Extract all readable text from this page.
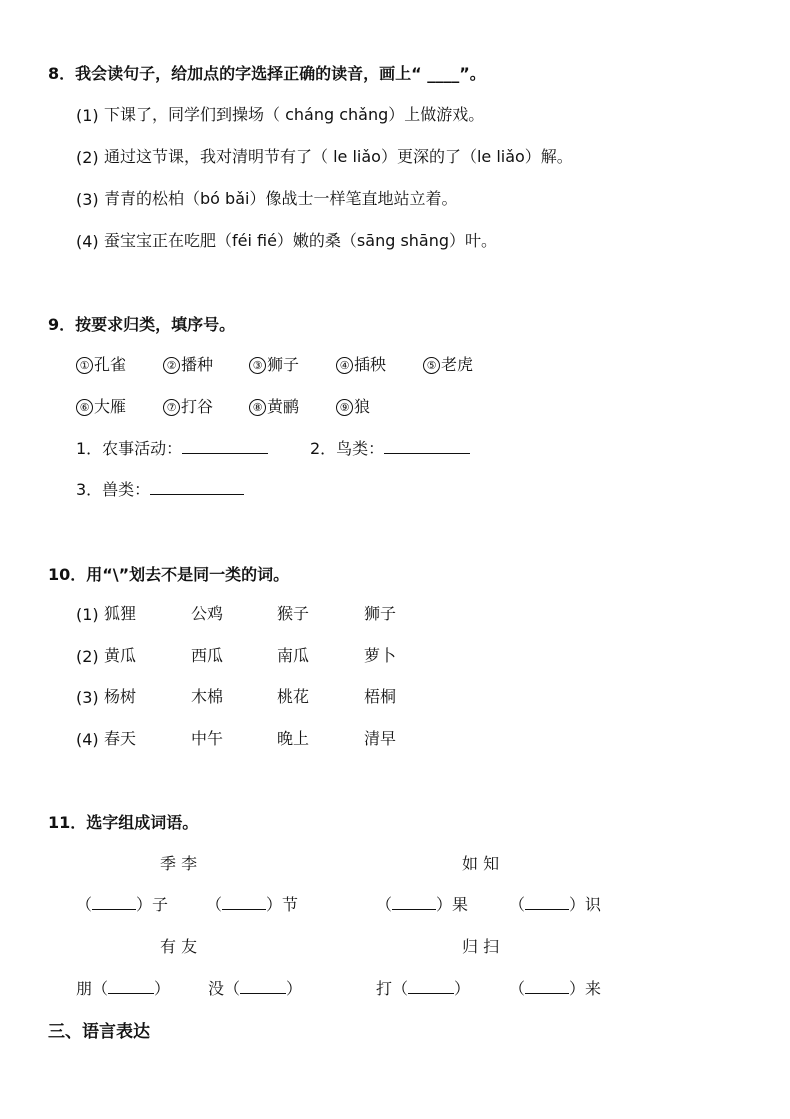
8．我会读句子，给加点的字选择正确的读音，画上“ ____”。
(1) 下课了，同学们到操场（ cháng chǎng）上做游戏。
(2) 通过这节课，我对清明节有了（ le liǎo）更深的了（le liǎo）解。
(3) 青青的松柏（bó bǎi）像战士一样笔直地站立着。
(4) 蚕宝宝正在吃肥（féi fié）嫩的桑（sāng shāng）叶。
9．按要求归类，填序号。
① 孔雀	② 播种	③ 狮子	④ 插秧	⑤ 老虎
⑥ 大雁	⑦ 打谷	⑧ 黄鹂	⑨ 狼
1．农事活动：	2．鸟类：
3．兽类：
10．用“\”划去不是同一类的词。
(1) 狐狸	公鸡	猴子	狮子
(2) 黄瓜	西瓜	南瓜	萝卜
(3) 杨树	木棉	桃花	梧桐
(4) 春天	中午	晚上	清早
11．选字组成词语。
季 李	如 知
（	）子 （	）节	（	）果	（	）识
有 友	归 扫
朋（	） 没（	）	打（	） （	）来
三、语言表达
